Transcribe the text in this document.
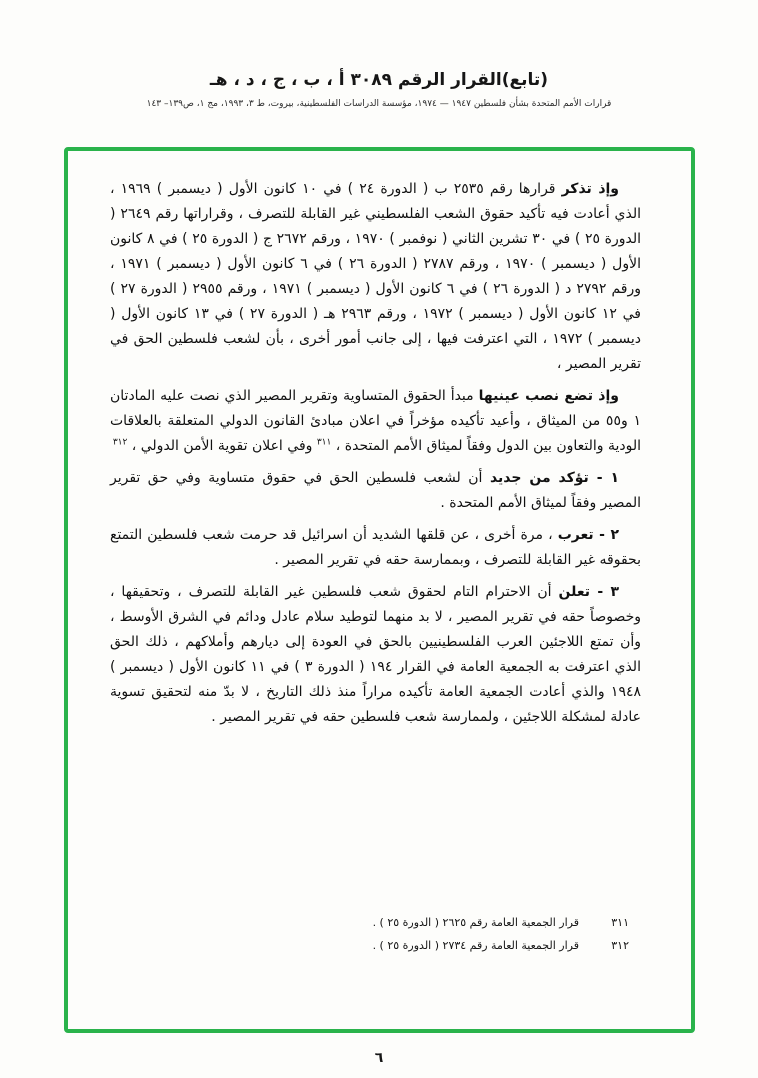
(تابع)القرار الرقم ٣٠٨٩ أ ، ب ، ج ، د ، هـ
قرارات الأمم المتحدة بشأن فلسطين ١٩٤٧ — ١٩٧٤، مؤسسة الدراسات الفلسطينية، بيروت، ط ٣، ١٩٩٣، مج ١، ص١٣٩– ١٤٣

وإذ تذكر قرارها رقم ٢٥٣٥ ب ( الدورة ٢٤ ) في ١٠ كانون الأول ( ديسمبر ) ١٩٦٩ ، الذي أعادت فيه تأكيد حقوق الشعب الفلسطيني غير القابلة للتصرف ، وقراراتها رقم ٢٦٤٩ ( الدورة ٢٥ ) في ٣٠ تشرين الثاني ( نوفمبر ) ١٩٧٠ ، ورقم ٢٦٧٢ ج ( الدورة ٢٥ ) في ٨ كانون الأول ( ديسمبر ) ١٩٧٠ ، ورقم ٢٧٨٧ ( الدورة ٢٦ ) في ٦ كانون الأول ( ديسمبر ) ١٩٧١ ، ورقم ٢٧٩٢ د ( الدورة ٢٦ ) في ٦ كانون الأول ( ديسمبر ) ١٩٧١ ، ورقم ٢٩٥٥ ( الدورة ٢٧ ) في ١٢ كانون الأول ( ديسمبر ) ١٩٧٢ ، ورقم ٢٩٦٣ هـ ( الدورة ٢٧ ) في ١٣ كانون الأول ( ديسمبر ) ١٩٧٢ ، التي اعترفت فيها ، إلى جانب أمور أخرى ، بأن لشعب فلسطين الحق في تقرير المصير ،

وإذ تضع نصب عينيها مبدأ الحقوق المتساوية وتقرير المصير الذي نصت عليه المادتان ١ و٥٥ من الميثاق ، وأعيد تأكيده مؤخراً في اعلان مبادئ القانون الدولي المتعلقة بالعلاقات الودية والتعاون بين الدول وفقاً لميثاق الأمم المتحدة ، $^{٣١١}$ وفي اعلان تقوية الأمن الدولي ، $^{٣١٢}$

١ - تؤكد من جديد أن لشعب فلسطين الحق في حقوق متساوية وفي حق تقرير المصير وفقاً لميثاق الأمم المتحدة .

٢ - تعرب ، مرة أخرى ، عن قلقها الشديد أن اسرائيل قد حرمت شعب فلسطين التمتع بحقوقه غير القابلة للتصرف ، وبممارسة حقه في تقرير المصير .

٣ - تعلن أن الاحترام التام لحقوق شعب فلسطين غير القابلة للتصرف ، وتحقيقها ، وخصوصاً حقه في تقرير المصير ، لا بد منهما لتوطيد سلام عادل ودائم في الشرق الأوسط ، وأن تمتع اللاجئين العرب الفلسطينيين بالحق في العودة إلى ديارهم وأملاكهم ، ذلك الحق الذي اعترفت به الجمعية العامة في القرار ١٩٤ ( الدورة ٣ ) في ١١ كانون الأول ( ديسمبر ) ١٩٤٨ والذي أعادت الجمعية العامة تأكيده مراراً منذ ذلك التاريخ ، لا بدّ منه لتحقيق تسوية عادلة لمشكلة اللاجئين ، ولممارسة شعب فلسطين حقه في تقرير المصير .

٣١١
قرار الجمعية العامة رقم ٢٦٢٥ ( الدورة ٢٥ ) .
٣١٢
قرار الجمعية العامة رقم ٢٧٣٤ ( الدورة ٢٥ ) .
٦
